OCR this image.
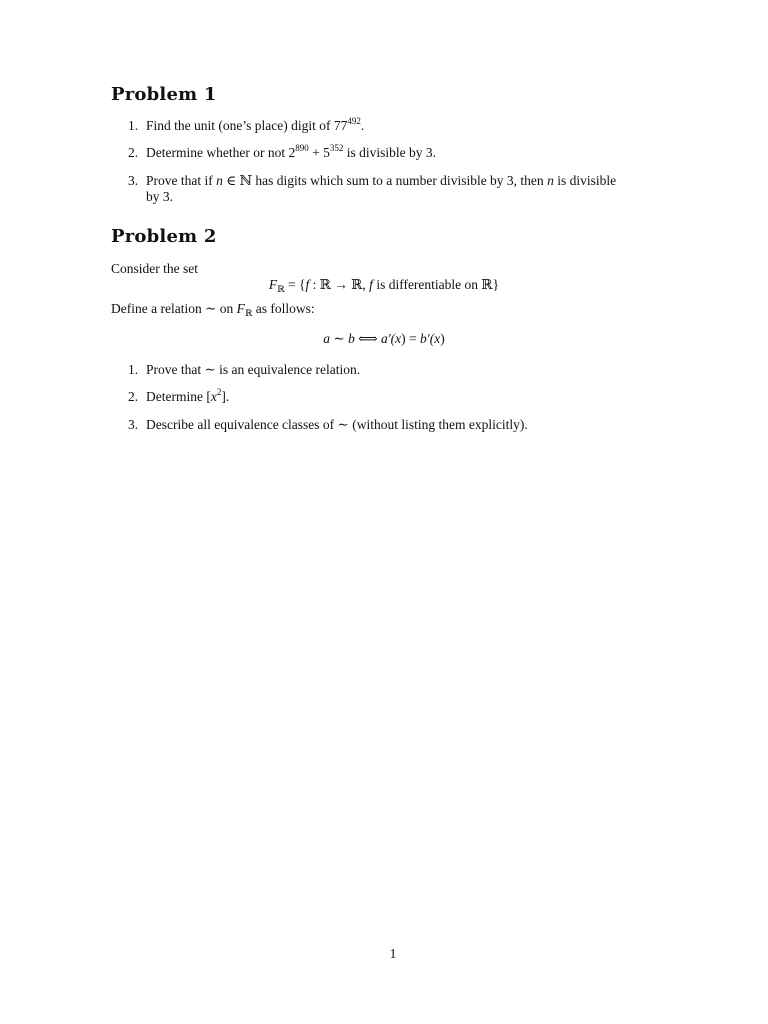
Problem 1
1. Find the unit (one’s place) digit of $77^{492}$.
2. Determine whether or not $2^{890} + 5^{352}$ is divisible by 3.
3. Prove that if n ∈ ℕ has digits which sum to a number divisible by 3, then n is divisible
by 3.
Problem 2
Consider the set
$F_ℝ = \{f$ : ℝ → ℝ, f is differentiable on ℝ}
Define a relation ∼ on $F_ℝ$ as follows:
a ∼ b ⟺ a′(x) = b′(x)
1. Prove that ∼ is an equivalence relation.
2. Determine $[x^2]$.
3. Describe all equivalence classes of ∼ (without listing them explicitly).
1
